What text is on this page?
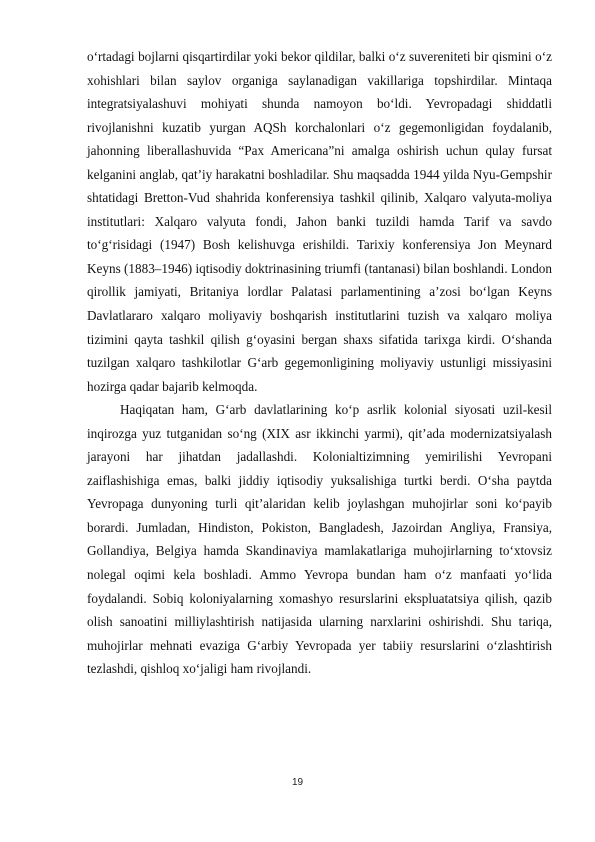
o‘rtadagi bojlarni qisqartirdilar yoki bekor qildilar, balki o‘z suvereniteti bir qismini o‘z xohishlari bilan saylov organiga saylanadigan vakillariga topshirdilar. Mintaqa integratsiyalashuvi mohiyati shunda namoyon bo‘ldi. Yevropadagi shiddatli rivojlanishni kuzatib yurgan AQSh korchalonlari o‘z gegemonligidan foydalanib, jahonning liberallashuvida “Pax Americana”ni amalga oshirish uchun qulay fursat kelganini anglab, qat’iy harakatni boshladilar. Shu maqsadda 1944 yilda Nyu-Gempshir shtatidagi Bretton-Vud shahrida konferensiya tashkil qilinib, Xalqaro valyuta-moliya institutlari: Xalqaro valyuta fondi, Jahon banki tuzildi hamda Tarif va savdo to‘g‘risidagi (1947) Bosh kelishuvga erishildi. Tarixiy konferensiya Jon Meynard Keyns (1883–1946) iqtisodiy doktrinasining triumfi (tantanasi) bilan boshlandi. London qirollik jamiyati, Britaniya lordlar Palatasi parlamentining a’zosi bo‘lgan Keyns Davlatlararo xalqaro moliyaviy boshqarish institutlarini tuzish va xalqaro moliya tizimini qayta tashkil qilish g‘oyasini bergan shaxs sifatida tarixga kirdi. O‘shanda tuzilgan xalqaro tashkilotlar G‘arb gegemonligining moliyaviy ustunligi missiyasini hozirga qadar bajarib kelmoqda.

Haqiqatan ham, G‘arb davlatlarining ko‘p asrlik kolonial siyosati uzil-kesil inqirozga yuz tutganidan so‘ng (XIX asr ikkinchi yarmi), qit’ada modernizatsiyalash jarayoni har jihatdan jadallashdi. Kolonialtizimning yemirilishi Yevropani zaiflashishiga emas, balki jiddiy iqtisodiy yuksalishiga turtki berdi. O‘sha paytda Yevropaga dunyoning turli qit’alaridan kelib joylashgan muhojirlar soni ko‘payib borardi. Jumladan, Hindiston, Pokiston, Bangladesh, Jazoirdan Angliya, Fransiya, Gollandiya, Belgiya hamda Skandinaviya mamlakatlariga muhojirlarning to‘xtovsiz nolegal oqimi kela boshladi. Ammo Yevropa bundan ham o‘z manfaati yo‘lida foydalandi. Sobiq koloniyalarning xomashyo resurslarini ekspluatatsiya qilish, qazib olish sanoatini milliylashtirish natijasida ularning narxlarini oshirishdi. Shu tariqa, muhojirlar mehnati evaziga G‘arbiy Yevropada yer tabiiy resurslarini o‘zlashtirish tezlashdi, qishloq xo‘jaligi ham rivojlandi.

19
